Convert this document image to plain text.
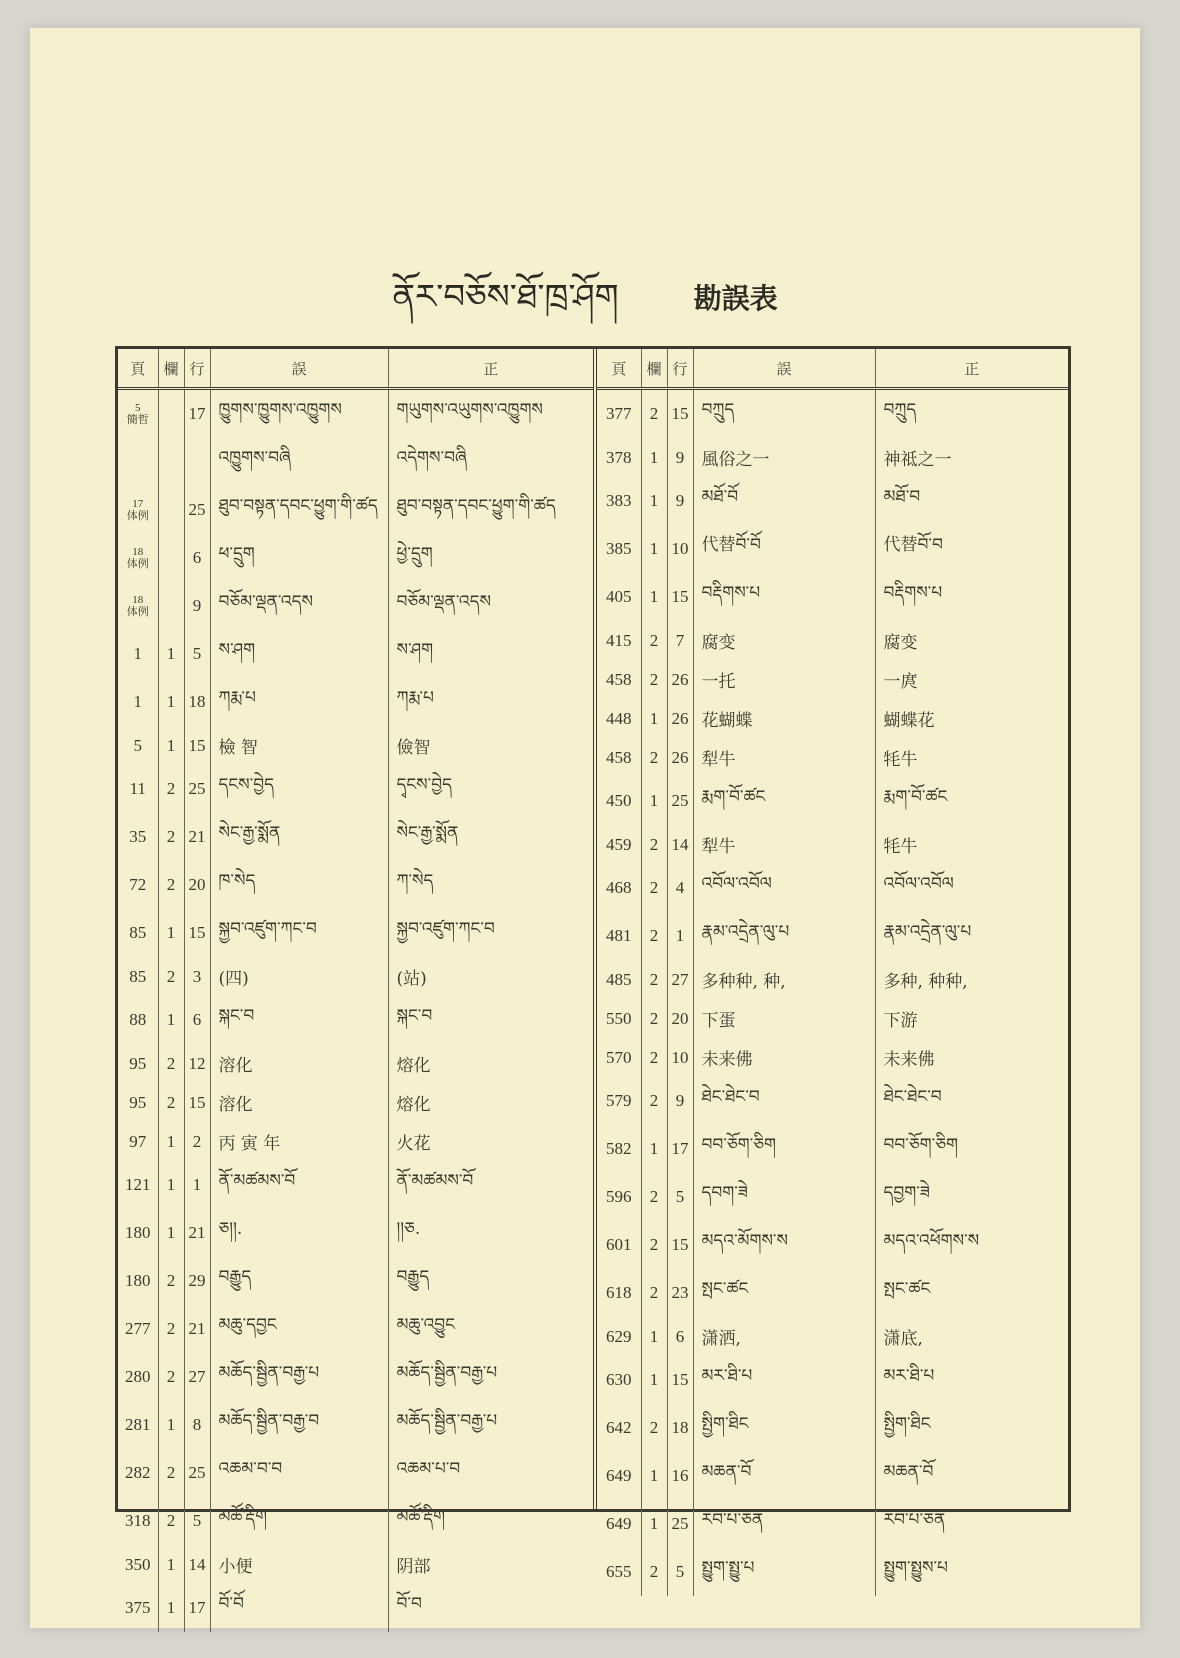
ནོར་བཅོས་ཐོ་ཁྲ་ཤོག	勘誤表
頁	欄	行	誤	正
5
簡哲		17	ཁྱུགས་ཁྱུགས་འཁྱུགས	གཡུགས་འཡུགས་འཁྱུགས
			འཁྱུགས་བཞི	འདེགས་བཞི
17
体例		25	ཐུབ་བསྟན་དབང་ཕྱུག་གི་ཚད	ཐུབ་བསྟན་དབང་ཕྱུག་གི་ཚད
18
体例		6	ཕ་དྲུག	ཕྱེ་དྲུག
18
体例		9	བཅོམ་ལྡན་འདས	བཅོམ་ལྡན་འདས
1	1	5	ས་ཤག	ས་ཤག
1	1	18	ཀརྨ་པ	ཀརྨ་པ
5	1	15	檢 智	儉智
11	2	25	དངས་བྱེད	དྭངས་བྱེད
35	2	21	སེང་རྒྱ་སྨོན	སེང་རྒྱ་སྨོན
72	2	20	ཁ་སེད	ཀ་སེད
85	1	15	སྐྱབ་འཛུག་ཀང་བ	སྐྱབ་འཛུག་ཀང་བ
85	2	3	(四)	(站)
88	1	6	སྐང་བ	སྐང་བ
95	2	12	溶化	熔化
95	2	15	溶化	熔化
97	1	2	丙 寅 年	火花
121	1	1	ནོ་མཚམས་བོ	ནོ་མཚམས་བོ
180	1	21	ཅ།།.	།།ཅ.
180	2	29	བརྒྱུད	བརྒྱུད
277	2	21	མཆུ་དབྱང	མཆུ་འབྱུང
280	2	27	མཆོད་སྦྱིན་བརྒྱ་པ	མཆོད་སྦྱིན་བརྒྱ་པ
281	1	8	མཆོད་སྦྱིན་བརྒྱ་བ	མཆོད་སྦྱིན་བརྒྱ་པ
282	2	25	འཆམ་བ་བ	འཆམ་པ་བ
318	2	5	མཚོ་རྡིག	མཚོ་རྡིག
350	1	14	小便	阴部
375	1	17	བོ་བོ	བོ་བ
頁	欄	行	誤	正
377	2	15	བཀྲུད	བཀྲུད
378	1	9	風俗之一	神祗之一
383	1	9	མཐོ་བོ	མཐོ་བ
385	1	10	代替བོ་བོ	代替བོ་བ
405	1	15	བརྡིགས་པ	བརྡིགས་པ
415	2	7	腐变	腐变
458	2	26	一托	一庹
448	1	26	花蝴蝶	蝴蝶花
458	2	26	犁牛	牦牛
450	1	25	རྨག་བོ་ཚང	རྨག་བོ་ཚང
459	2	14	犁牛	牦牛
468	2	4	འབོལ་འབོལ	འབོལ་འབོལ
481	2	1	རྣམ་འདྲེན་ལུ་པ	རྣམ་འདྲེན་ལུ་པ
485	2	27	多种种, 种,	多种, 种种,
550	2	20	下蛋	下游
570	2	10	未来佛	未来佛
579	2	9	ཐེང་ཐེང་བ	ཐེང་ཐེང་བ
582	1	17	བབ་ཅོག་ཅིག	བབ་ཅོག་ཅིག
596	2	5	དབག་ཟེ	དབྱག་ཟེ
601	2	15	མདའ་མོགས་ས	མདའ་འཕོགས་ས
618	2	23	སྤང་ཚང	སྤང་ཚང
629	1	6	潇洒,	潇底,
630	1	15	མར་ཐི་པ	མར་ཐི་པ
642	2	18	སྤྱིག་ཐིང	སྤྱིག་ཐིང
649	1	16	མཆན་བོ	མཆན་བོ
649	1	25	རབ་པ་ཅན	རབ་པ་ཅན
655	2	5	སྤྱུག་སྤྱུ་པ	སྤྱུག་སྤྱུས་པ
